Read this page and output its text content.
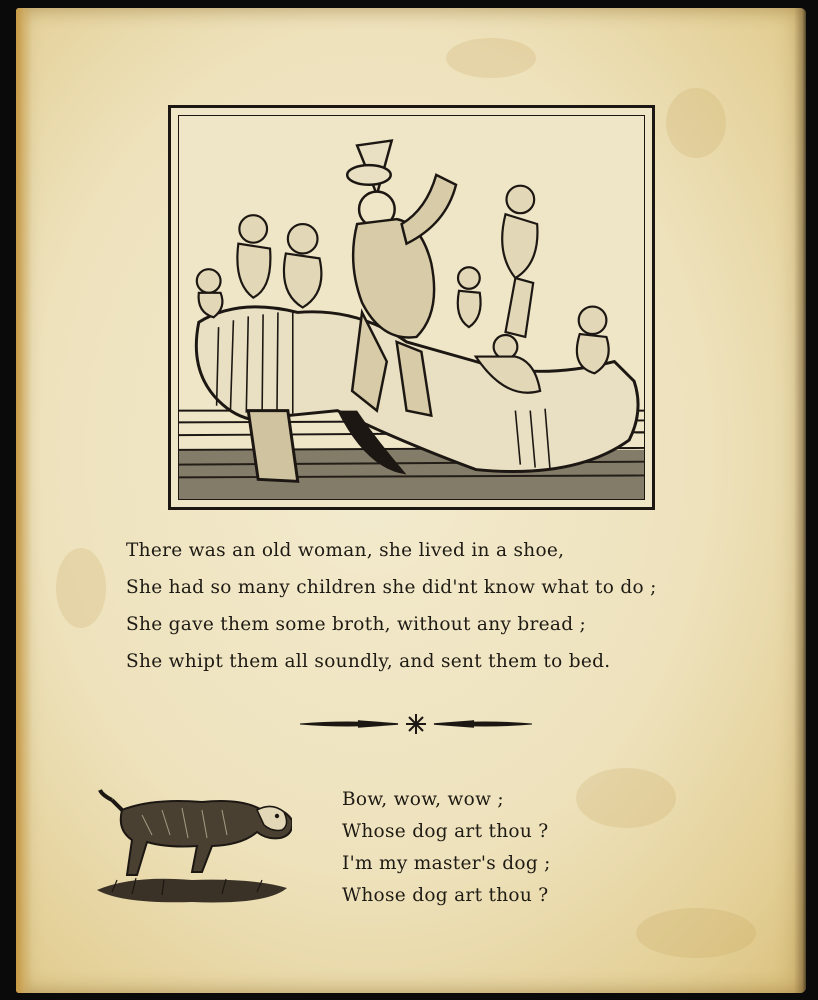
There was an old woman, she lived in a shoe,
She had so many children she did'nt know what to do ;
She gave them some broth, without any bread ;
She whipt them all soundly, and sent them to bed.
Bow, wow, wow ;
Whose dog art thou ?
I'm my master's dog ;
Whose dog art thou ?
